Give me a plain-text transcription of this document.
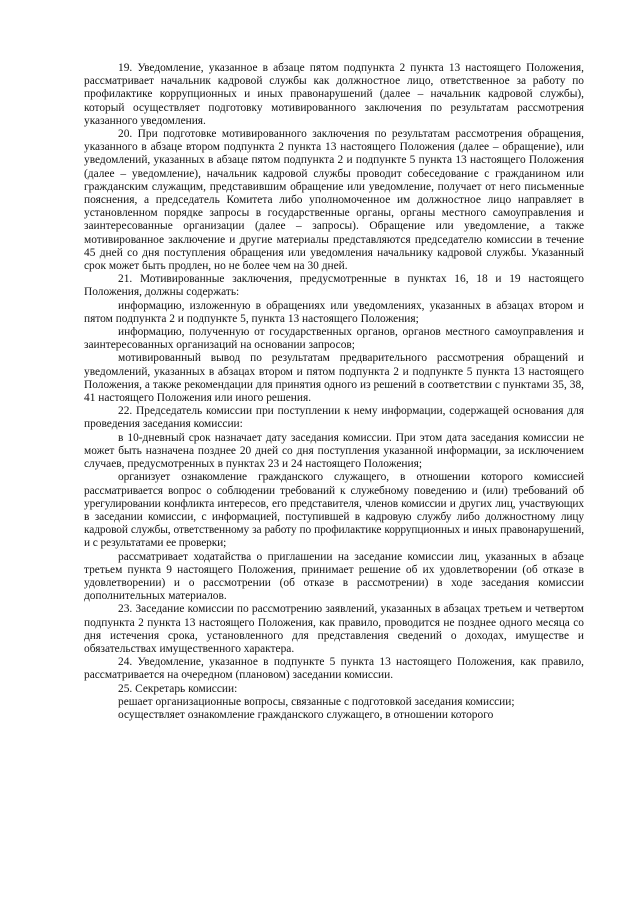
19. Уведомление, указанное в абзаце пятом подпункта 2 пункта 13 настоящего Положения, рассматривает начальник кадровой службы как должностное лицо, ответственное за работу по профилактике коррупционных и иных правонарушений (далее – начальник кадровой службы), который осуществляет подготовку мотивированного заключения по результатам рассмотрения указанного уведомления.

20. При подготовке мотивированного заключения по результатам рассмотрения обращения, указанного в абзаце втором подпункта 2 пункта 13 настоящего Положения (далее – обращение), или уведомлений, указанных в абзаце пятом подпункта 2 и подпункте 5 пункта 13 настоящего Положения (далее – уведомление), начальник кадровой службы проводит собеседование с гражданином или гражданским служащим, представившим обращение или уведомление, получает от него письменные пояснения, а председатель Комитета либо уполномоченное им должностное лицо направляет в установленном порядке запросы в государственные органы, органы местного самоуправления и заинтересованные организации (далее – запросы). Обращение или уведомление, а также мотивированное заключение и другие материалы представляются председателю комиссии в течение 45 дней со дня поступления обращения или уведомления начальнику кадровой службы. Указанный срок может быть продлен, но не более чем на 30 дней.

21. Мотивированные заключения, предусмотренные в пунктах 16, 18 и 19 настоящего Положения, должны содержать:

информацию, изложенную в обращениях или уведомлениях, указанных в абзацах втором и пятом подпункта 2 и подпункте 5, пункта 13 настоящего Положения;

информацию, полученную от государственных органов, органов местного самоуправления и заинтересованных организаций на основании запросов;

мотивированный вывод по результатам предварительного рассмотрения обращений и уведомлений, указанных в абзацах втором и пятом подпункта 2 и подпункте 5 пункта 13 настоящего Положения, а также рекомендации для принятия одного из решений в соответствии с пунктами 35, 38, 41 настоящего Положения или иного решения.

22. Председатель комиссии при поступлении к нему информации, содержащей основания для проведения заседания комиссии:

в 10-дневный срок назначает дату заседания комиссии. При этом дата заседания комиссии не может быть назначена позднее 20 дней со дня поступления указанной информации, за исключением случаев, предусмотренных в пунктах 23 и 24 настоящего Положения;

организует ознакомление гражданского служащего, в отношении которого комиссией рассматривается вопрос о соблюдении требований к служебному поведению и (или) требований об урегулировании конфликта интересов, его представителя, членов комиссии и других лиц, участвующих в заседании комиссии, с информацией, поступившей в кадровую службу либо должностному лицу кадровой службы, ответственному за работу по профилактике коррупционных и иных правонарушений, и с результатами ее проверки;

рассматривает ходатайства о приглашении на заседание комиссии лиц, указанных в абзаце третьем пункта 9 настоящего Положения, принимает решение об их удовлетворении (об отказе в удовлетворении) и о рассмотрении (об отказе в рассмотрении) в ходе заседания комиссии дополнительных материалов.

23. Заседание комиссии по рассмотрению заявлений, указанных в абзацах третьем и четвертом подпункта 2 пункта 13 настоящего Положения, как правило, проводится не позднее одного месяца со дня истечения срока, установленного для представления сведений о доходах, имуществе и обязательствах имущественного характера.

24. Уведомление, указанное в подпункте 5 пункта 13 настоящего Положения, как правило, рассматривается на очередном (плановом) заседании комиссии.

25. Секретарь комиссии:

решает организационные вопросы, связанные с подготовкой заседания комиссии;

осуществляет ознакомление гражданского служащего, в отношении которого
